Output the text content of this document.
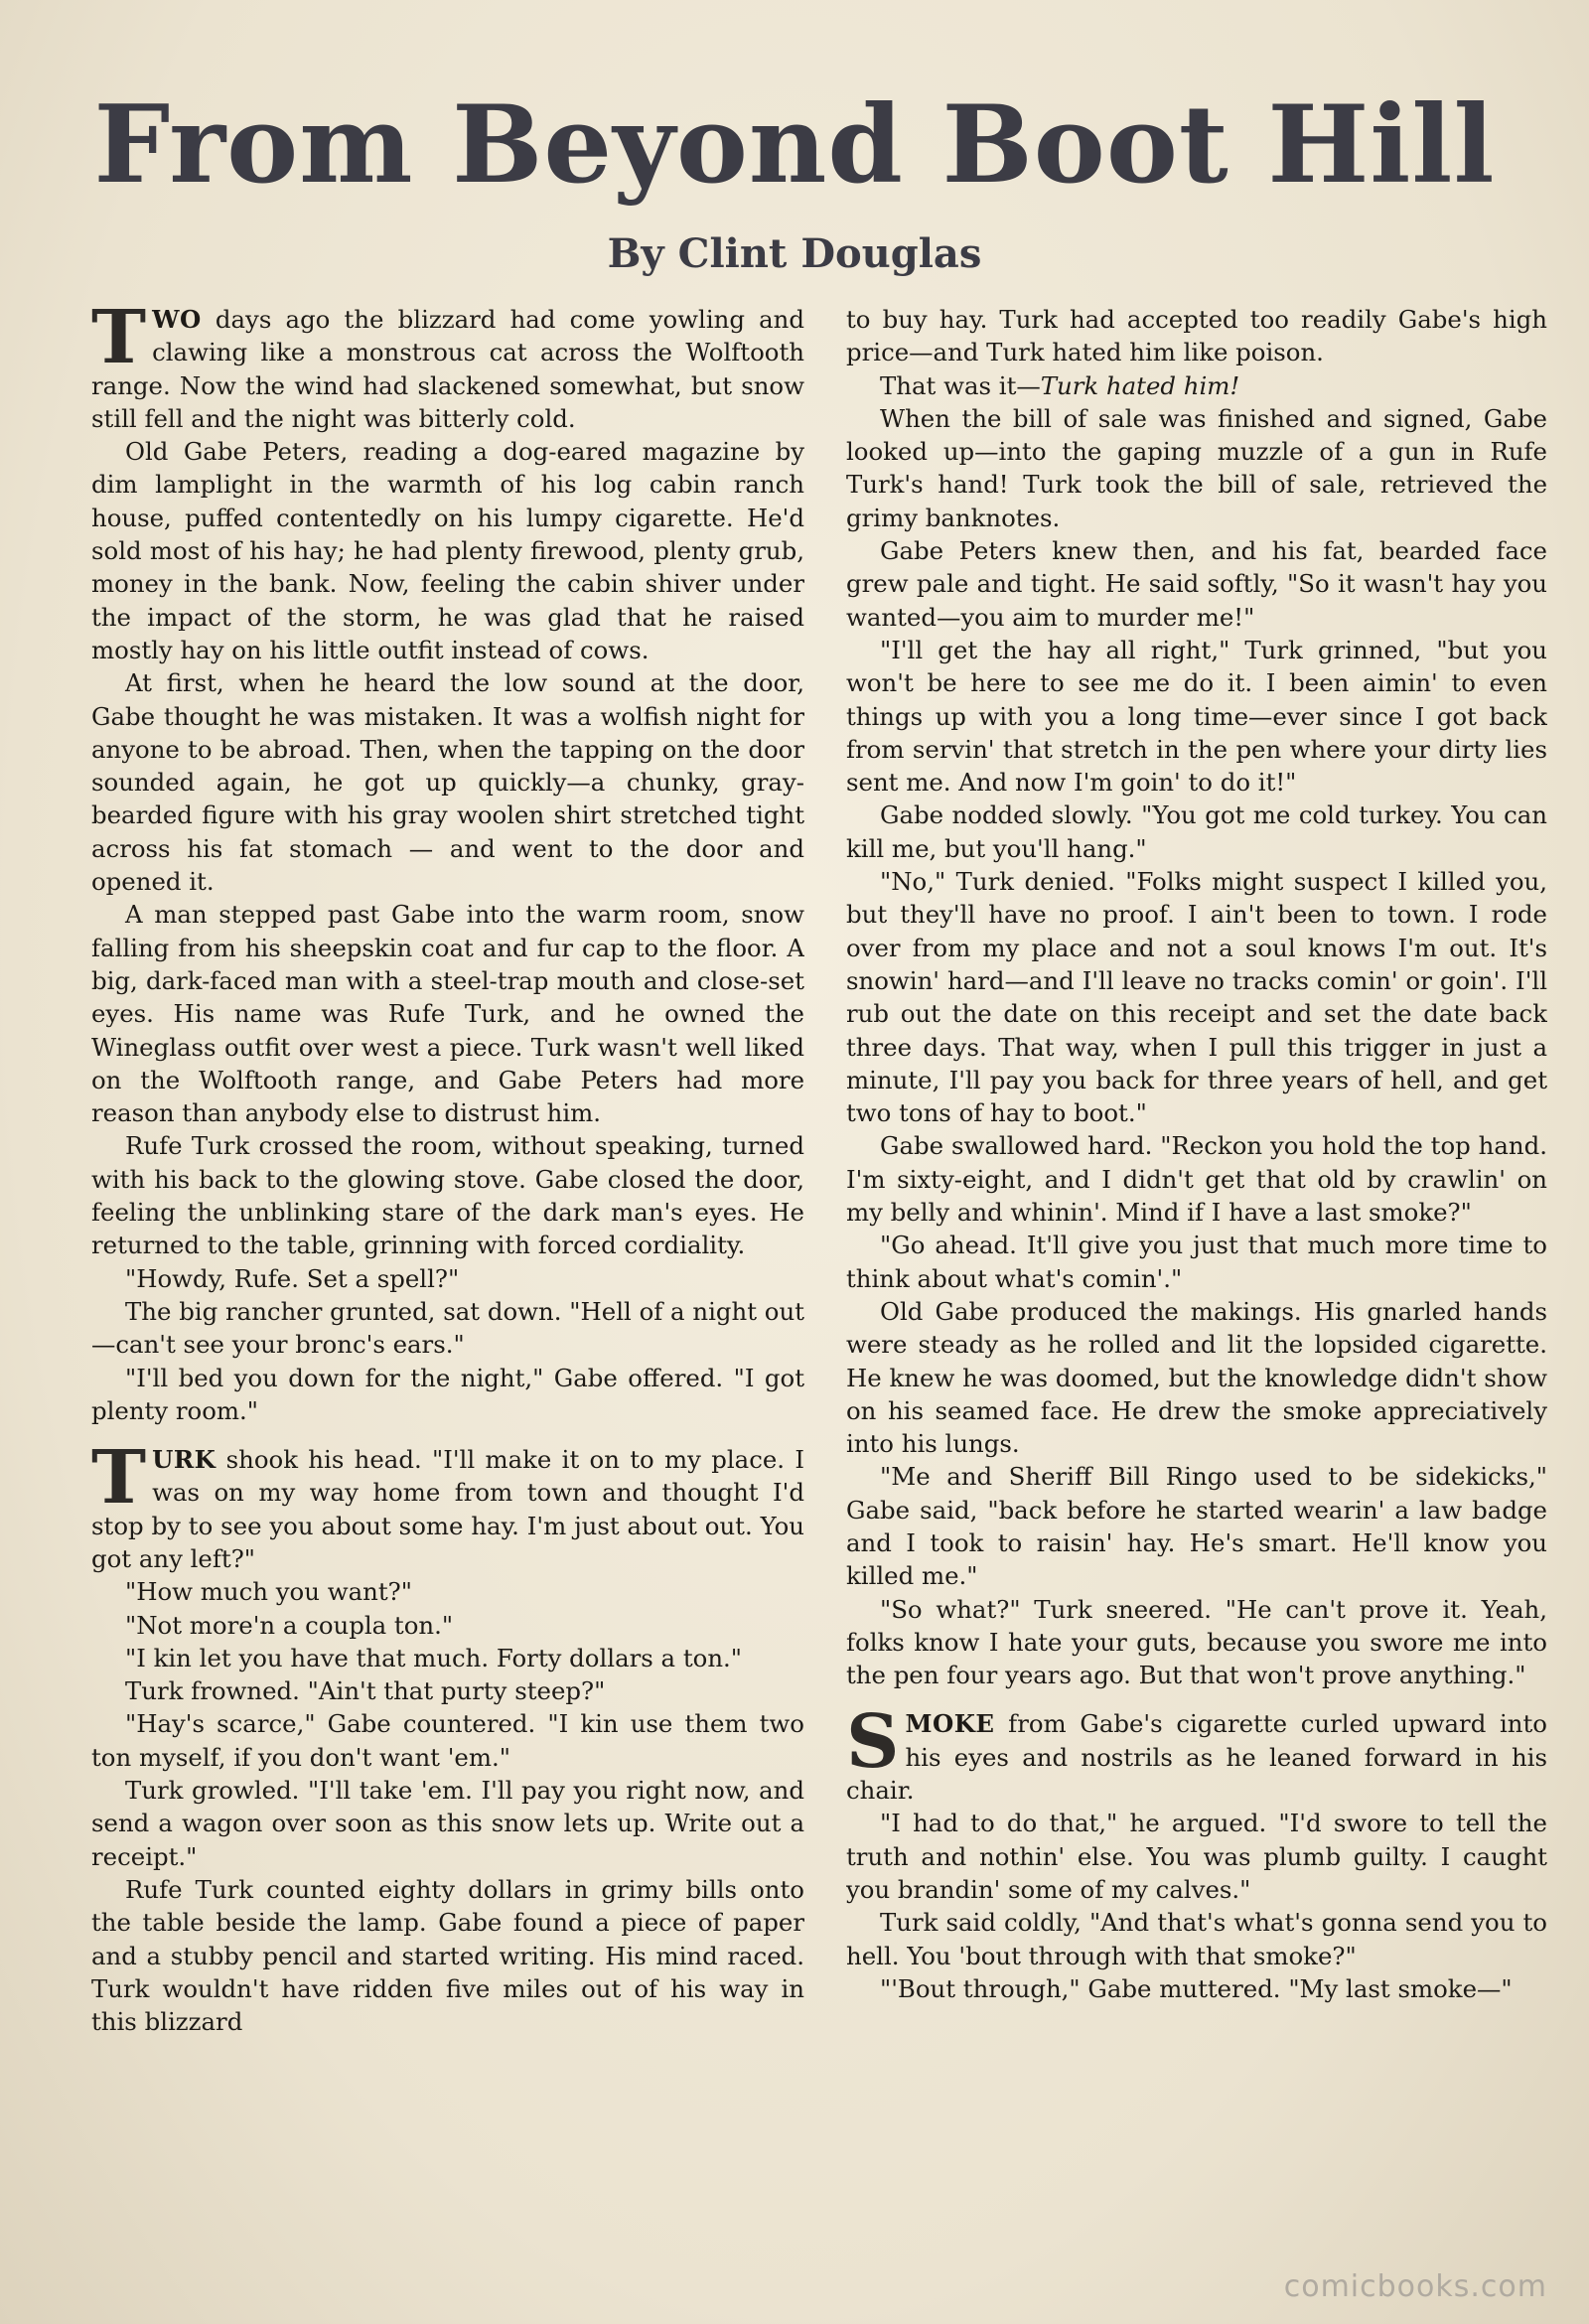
From Beyond Boot Hill
By Clint Douglas

TWO days ago the blizzard had come yowling and clawing like a monstrous cat across the Wolftooth range. Now the wind had slackened somewhat, but snow still fell and the night was bitterly cold.

Old Gabe Peters, reading a dog-eared magazine by dim lamplight in the warmth of his log cabin ranch house, puffed contentedly on his lumpy cigarette. He'd sold most of his hay; he had plenty firewood, plenty grub, money in the bank. Now, feeling the cabin shiver under the impact of the storm, he was glad that he raised mostly hay on his little outfit instead of cows.

At first, when he heard the low sound at the door, Gabe thought he was mistaken. It was a wolfish night for anyone to be abroad. Then, when the tapping on the door sounded again, he got up quickly—a chunky, gray-bearded figure with his gray woolen shirt stretched tight across his fat stomach — and went to the door and opened it.

A man stepped past Gabe into the warm room, snow falling from his sheepskin coat and fur cap to the floor. A big, dark-faced man with a steel-trap mouth and close-set eyes. His name was Rufe Turk, and he owned the Wineglass outfit over west a piece. Turk wasn't well liked on the Wolftooth range, and Gabe Peters had more reason than anybody else to distrust him.

Rufe Turk crossed the room, without speaking, turned with his back to the glowing stove. Gabe closed the door, feeling the unblinking stare of the dark man's eyes. He returned to the table, grinning with forced cordiality.

"Howdy, Rufe. Set a spell?"

The big rancher grunted, sat down. "Hell of a night out—can't see your bronc's ears."

"I'll bed you down for the night," Gabe offered. "I got plenty room."

TURK shook his head. "I'll make it on to my place. I was on my way home from town and thought I'd stop by to see you about some hay. I'm just about out. You got any left?"

"How much you want?"

"Not more'n a coupla ton."

"I kin let you have that much. Forty dollars a ton."

Turk frowned. "Ain't that purty steep?"

"Hay's scarce," Gabe countered. "I kin use them two ton myself, if you don't want 'em."

Turk growled. "I'll take 'em. I'll pay you right now, and send a wagon over soon as this snow lets up. Write out a receipt."

Rufe Turk counted eighty dollars in grimy bills onto the table beside the lamp. Gabe found a piece of paper and a stubby pencil and started writing. His mind raced. Turk wouldn't have ridden five miles out of his way in this blizzard

to buy hay. Turk had accepted too readily Gabe's high price—and Turk hated him like poison.

That was it—Turk hated him!

When the bill of sale was finished and signed, Gabe looked up—into the gaping muzzle of a gun in Rufe Turk's hand! Turk took the bill of sale, retrieved the grimy banknotes.

Gabe Peters knew then, and his fat, bearded face grew pale and tight. He said softly, "So it wasn't hay you wanted—you aim to murder me!"

"I'll get the hay all right," Turk grinned, "but you won't be here to see me do it. I been aimin' to even things up with you a long time—ever since I got back from servin' that stretch in the pen where your dirty lies sent me. And now I'm goin' to do it!"

Gabe nodded slowly. "You got me cold turkey. You can kill me, but you'll hang."

"No," Turk denied. "Folks might suspect I killed you, but they'll have no proof. I ain't been to town. I rode over from my place and not a soul knows I'm out. It's snowin' hard—and I'll leave no tracks comin' or goin'. I'll rub out the date on this receipt and set the date back three days. That way, when I pull this trigger in just a minute, I'll pay you back for three years of hell, and get two tons of hay to boot."

Gabe swallowed hard. "Reckon you hold the top hand. I'm sixty-eight, and I didn't get that old by crawlin' on my belly and whinin'. Mind if I have a last smoke?"

"Go ahead. It'll give you just that much more time to think about what's comin'."

Old Gabe produced the makings. His gnarled hands were steady as he rolled and lit the lopsided cigarette. He knew he was doomed, but the knowledge didn't show on his seamed face. He drew the smoke appreciatively into his lungs.

"Me and Sheriff Bill Ringo used to be sidekicks," Gabe said, "back before he started wearin' a law badge and I took to raisin' hay. He's smart. He'll know you killed me."

"So what?" Turk sneered. "He can't prove it. Yeah, folks know I hate your guts, because you swore me into the pen four years ago. But that won't prove anything."

SMOKE from Gabe's cigarette curled upward into his eyes and nostrils as he leaned forward in his chair.

"I had to do that," he argued. "I'd swore to tell the truth and nothin' else. You was plumb guilty. I caught you brandin' some of my calves."

Turk said coldly, "And that's what's gonna send you to hell. You 'bout through with that smoke?"

"'Bout through," Gabe muttered. "My last smoke—"

comicbooks.com
